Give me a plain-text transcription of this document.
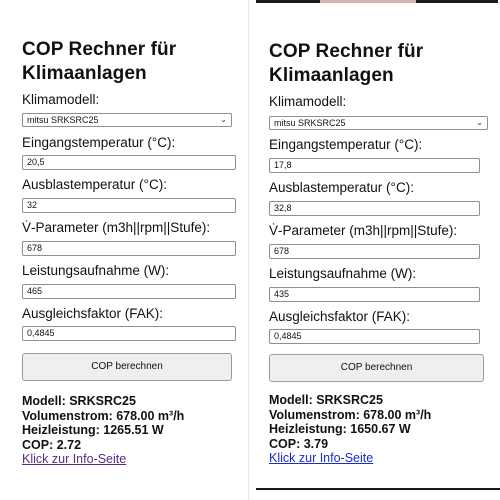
COP Rechner für Klimaanlagen

Klimamodell:

mitsu SRKSRC25	⌄

Eingangstemperatur (°C):

20,5

Ausblastemperatur (°C):

32

V̇-Parameter (m3h||rpm||Stufe):

678

Leistungsaufnahme (W):

465

Ausgleichsfaktor (FAK):

0,4845
COP berechnen
Modell: SRKSRC25
Volumenstrom: 678.00 m³/h
Heizleistung: 1265.51 W
COP: 2.72
Klick zur Info-Seite
COP Rechner für Klimaanlagen

Klimamodell:

mitsu SRKSRC25	⌄

Eingangstemperatur (°C):

17,8

Ausblastemperatur (°C):

32,8

V̇-Parameter (m3h||rpm||Stufe):

678

Leistungsaufnahme (W):

435

Ausgleichsfaktor (FAK):

0,4845
COP berechnen
Modell: SRKSRC25
Volumenstrom: 678.00 m³/h
Heizleistung: 1650.67 W
COP: 3.79
Klick zur Info-Seite
